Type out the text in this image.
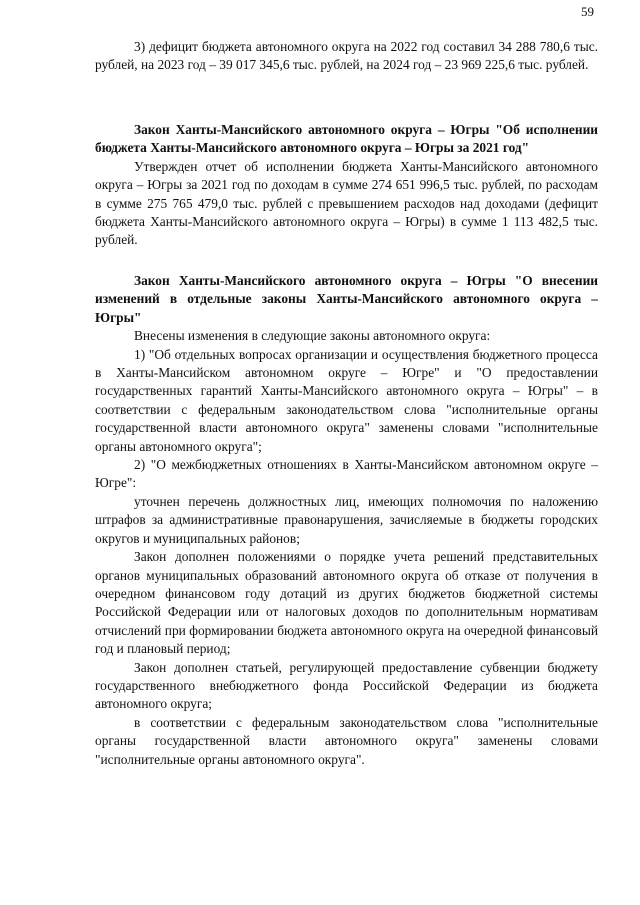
59

3) дефицит бюджета автономного округа на 2022 год составил 34 288 780,6 тыс. рублей, на 2023 год – 39 017 345,6 тыс. рублей, на 2024 год – 23 969 225,6 тыс. рублей.

Закон Ханты-Мансийского автономного округа – Югры "Об исполнении бюджета Ханты-Мансийского автономного округа – Югры за 2021 год"

Утвержден отчет об исполнении бюджета Ханты-Мансийского автономного округа – Югры за 2021 год по доходам в сумме 274 651 996,5 тыс. рублей, по расходам в сумме 275 765 479,0 тыс. рублей с превышением расходов над доходами (дефицит бюджета Ханты-Мансийского автономного округа – Югры) в сумме 1 113 482,5 тыс. рублей.

Закон Ханты-Мансийского автономного округа – Югры "О внесении изменений в отдельные законы Ханты-Мансийского автономного округа – Югры"

Внесены изменения в следующие законы автономного округа:

1) "Об отдельных вопросах организации и осуществления бюджетного процесса в Ханты-Мансийском автономном округе – Югре" и "О предоставлении государственных гарантий Ханты-Мансийского автономного округа – Югры" – в соответствии с федеральным законодательством слова "исполнительные органы государственной власти автономного округа" заменены словами "исполнительные органы автономного округа";

2) "О межбюджетных отношениях в Ханты-Мансийском автономном округе – Югре":

уточнен перечень должностных лиц, имеющих полномочия по наложению штрафов за административные правонарушения, зачисляемые в бюджеты городских округов и муниципальных районов;

Закон дополнен положениями о порядке учета решений представительных органов муниципальных образований автономного округа об отказе от получения в очередном финансовом году дотаций из других бюджетов бюджетной системы Российской Федерации или от налоговых доходов по дополнительным нормативам отчислений при формировании бюджета автономного округа на очередной финансовый год и плановый период;

Закон дополнен статьей, регулирующей предоставление субвенции бюджету государственного внебюджетного фонда Российской Федерации из бюджета автономного округа;

в соответствии с федеральным законодательством слова "исполнительные органы государственной власти автономного округа" заменены словами "исполнительные органы автономного округа".
